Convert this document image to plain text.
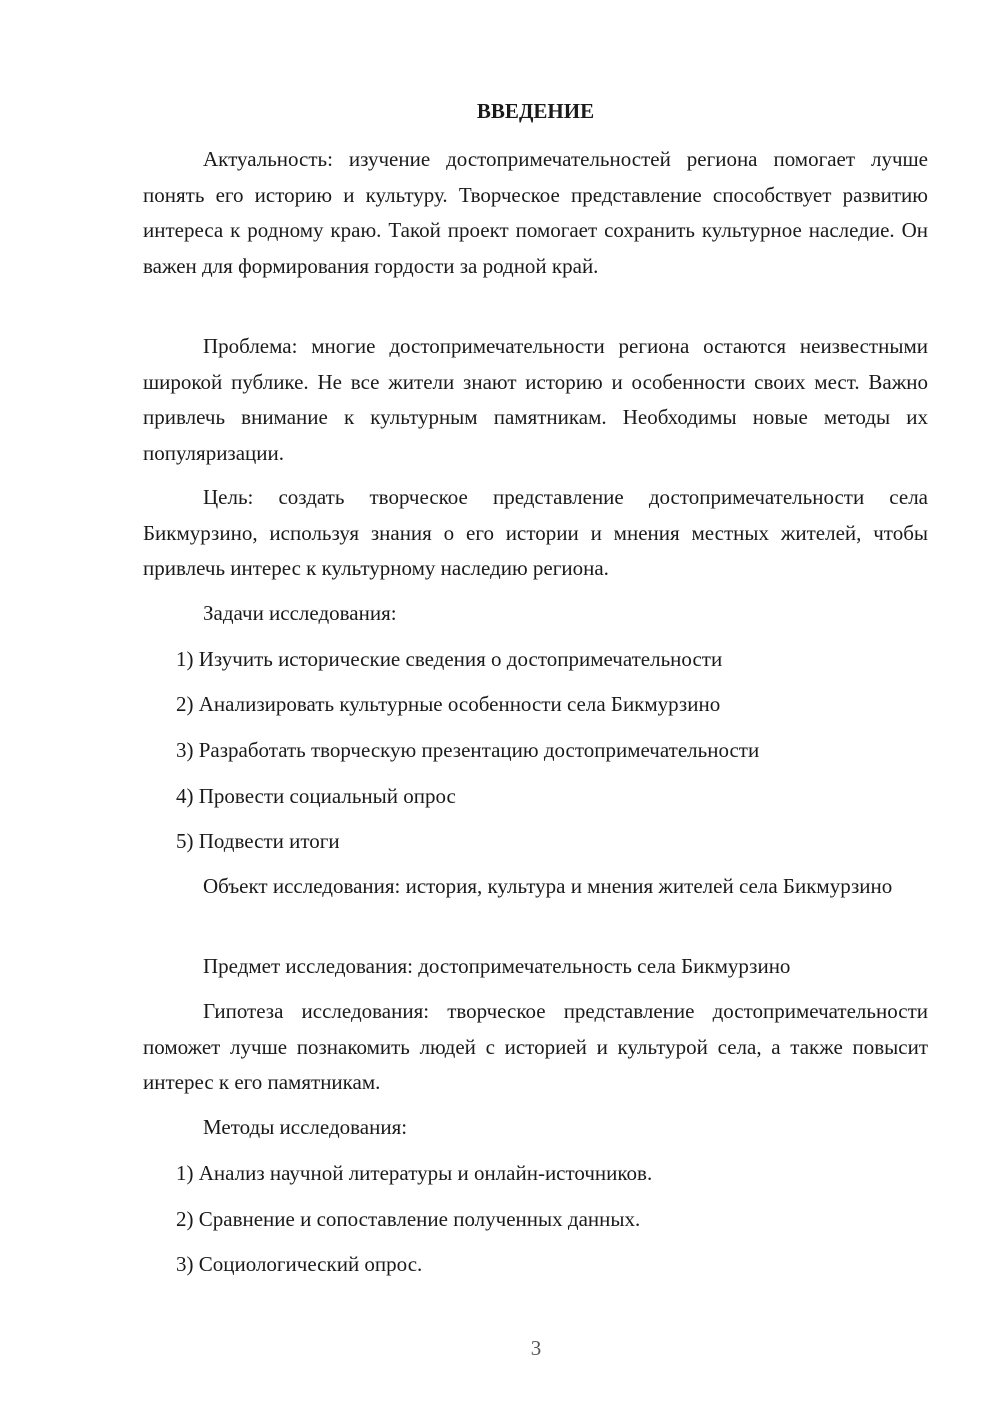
ВВЕДЕНИЕ

Актуальность: изучение достопримечательностей региона помогает лучше понять его историю и культуру. Творческое представление способствует развитию интереса к родному краю. Такой проект помогает сохранить культурное наследие. Он важен для формирования гордости за родной край.

Проблема: многие достопримечательности региона остаются неизвестными широкой публике. Не все жители знают историю и особенности своих мест. Важно привлечь внимание к культурным памятникам. Необходимы новые методы их популяризации.

Цель: создать творческое представление достопримечательности села Бикмурзино, используя знания о его истории и мнения местных жителей, чтобы привлечь интерес к культурному наследию региона.

Задачи исследования:

1) Изучить исторические сведения о достопримечательности

2) Анализировать культурные особенности села Бикмурзино

3) Разработать творческую презентацию достопримечательности

4) Провести социальный опрос

5) Подвести итоги

Объект исследования: история, культура и мнения жителей села Бикмурзино

Предмет исследования: достопримечательность села Бикмурзино

Гипотеза исследования: творческое представление достопримечательности поможет лучше познакомить людей с историей и культурой села, а также повысит интерес к его памятникам.

Методы исследования:

1) Анализ научной литературы и онлайн-источников.

2) Сравнение и сопоставление полученных данных.

3) Социологический опрос.

3
